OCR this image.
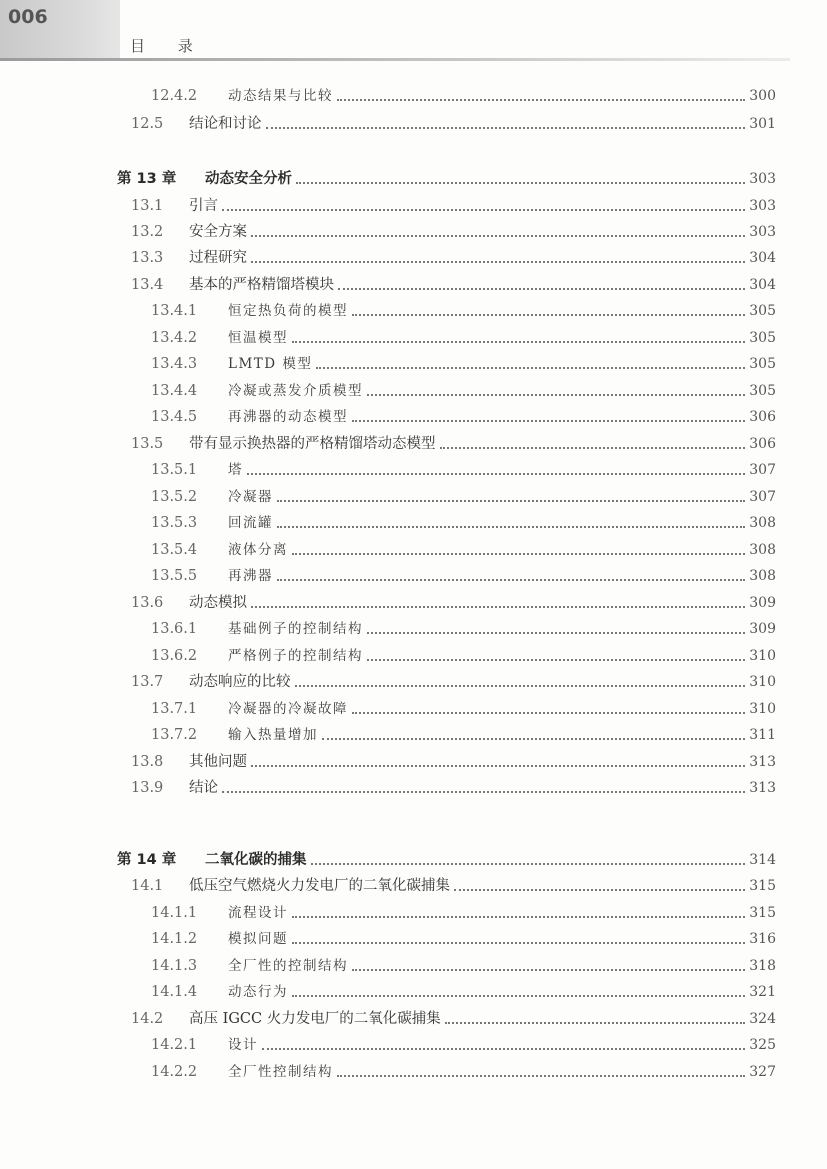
006
目 录
12.4.2	动态结果与比较	300
12.5	结论和讨论	301
第 13 章	动态安全分析	303
13.1	引言	303
13.2	安全方案	303
13.3	过程研究	304
13.4	基本的严格精馏塔模块	304
13.4.1	恒定热负荷的模型	305
13.4.2	恒温模型	305
13.4.3	LMTD 模型	305
13.4.4	冷凝或蒸发介质模型	305
13.4.5	再沸器的动态模型	306
13.5	带有显示换热器的严格精馏塔动态模型	306
13.5.1	塔	307
13.5.2	冷凝器	307
13.5.3	回流罐	308
13.5.4	液体分离	308
13.5.5	再沸器	308
13.6	动态模拟	309
13.6.1	基础例子的控制结构	309
13.6.2	严格例子的控制结构	310
13.7	动态响应的比较	310
13.7.1	冷凝器的冷凝故障	310
13.7.2	输入热量增加	311
13.8	其他问题	313
13.9	结论	313
第 14 章	二氧化碳的捕集	314
14.1	低压空气燃烧火力发电厂的二氧化碳捕集	315
14.1.1	流程设计	315
14.1.2	模拟问题	316
14.1.3	全厂性的控制结构	318
14.1.4	动态行为	321
14.2	高压 IGCC 火力发电厂的二氧化碳捕集	324
14.2.1	设计	325
14.2.2	全厂性控制结构	327
